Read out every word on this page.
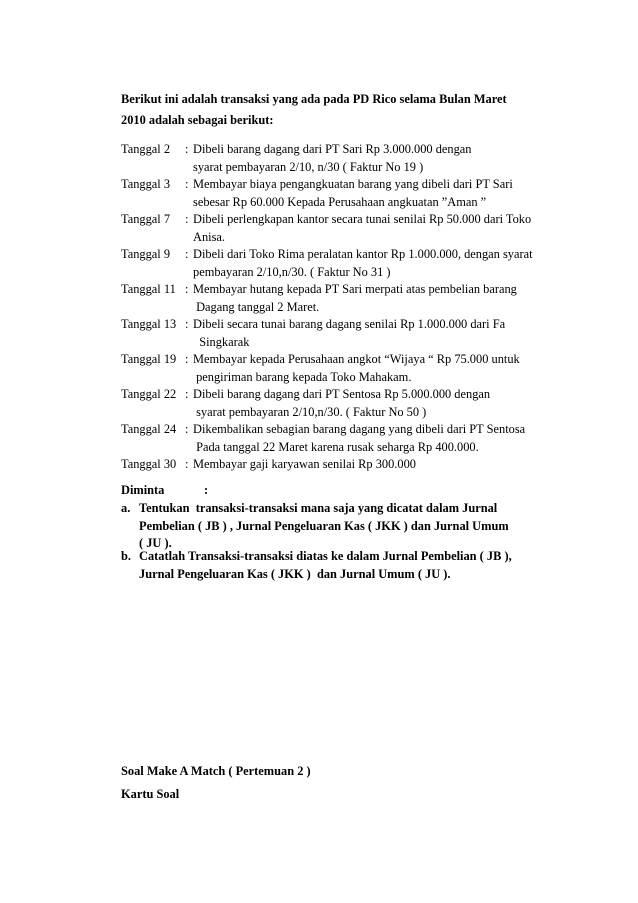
Berikut ini adalah transaksi yang ada pada PD Rico selama Bulan Maret
2010 adalah sebagai berikut:
Tanggal 2 : Dibeli barang dagang dari PT Sari Rp 3.000.000 dengan
syarat pembayaran 2/10, n/30 ( Faktur No 19 )
Tanggal 3 : Membayar biaya pengangkuatan barang yang dibeli dari PT Sari
sebesar Rp 60.000 Kepada Perusahaan angkuatan ”Aman ”
Tanggal 7 : Dibeli perlengkapan kantor secara tunai senilai Rp 50.000 dari Toko
Anisa.
Tanggal 9 : Dibeli dari Toko Rima peralatan kantor Rp 1.000.000, dengan syarat
pembayaran 2/10,n/30. ( Faktur No 31 )
Tanggal 11 : Membayar hutang kepada PT Sari merpati atas pembelian barang
Dagang tanggal 2 Maret.
Tanggal 13 : Dibeli secara tunai barang dagang senilai Rp 1.000.000 dari Fa
Singkarak
Tanggal 19 : Membayar kepada Perusahaan angkot “Wijaya “ Rp 75.000 untuk
pengiriman barang kepada Toko Mahakam.
Tanggal 22 : Dibeli barang dagang dari PT Sentosa Rp 5.000.000 dengan
syarat pembayaran 2/10,n/30. ( Faktur No 50 )
Tanggal 24 : Dikembalikan sebagian barang dagang yang dibeli dari PT Sentosa
Pada tanggal 22 Maret karena rusak seharga Rp 400.000.
Tanggal 30 : Membayar gaji karyawan senilai Rp 300.000
Diminta	:
a. Tentukan  transaksi-transaksi mana saja yang dicatat dalam Jurnal
Pembelian ( JB ) , Jurnal Pengeluaran Kas ( JKK ) dan Jurnal Umum
( JU ).
b. Catatlah Transaksi-transaksi diatas ke dalam Jurnal Pembelian ( JB ),
Jurnal Pengeluaran Kas ( JKK )  dan Jurnal Umum ( JU ).
Soal Make A Match ( Pertemuan 2 )
Kartu Soal
